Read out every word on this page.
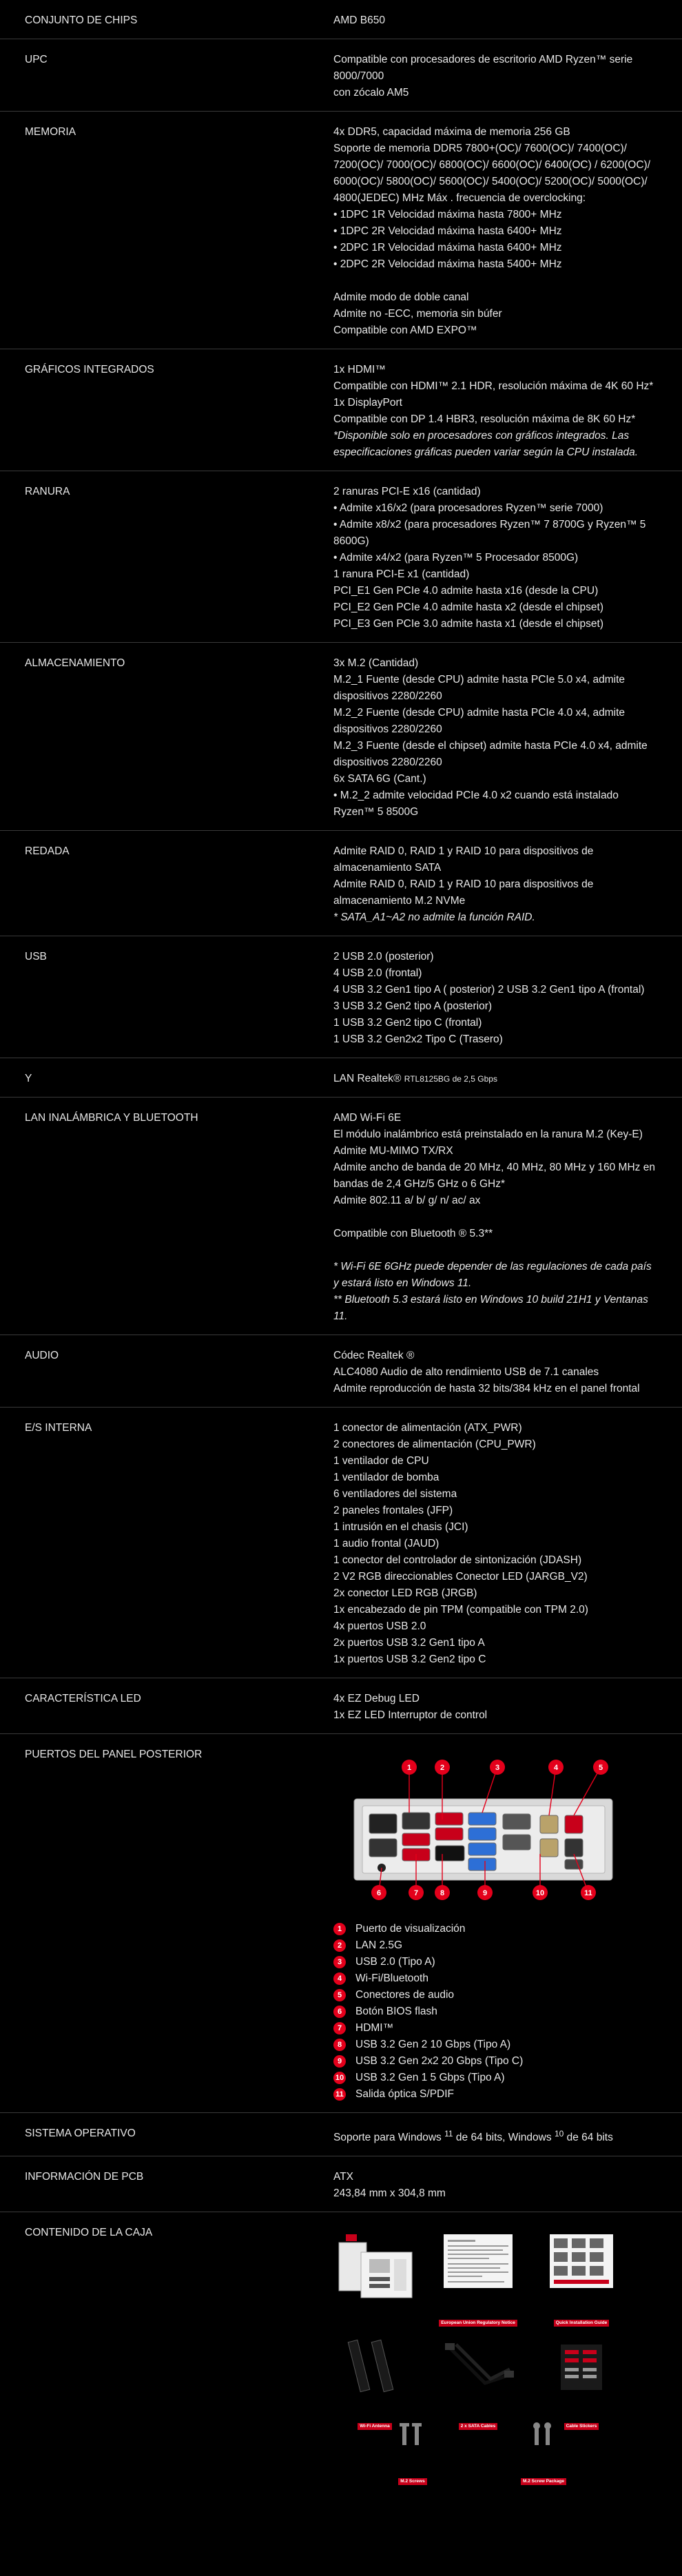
CONJUNTO DE CHIPS	AMD B650
UPC	Compatible con procesadores de escritorio AMD Ryzen™ serie 8000/7000
con zócalo AM5
MEMORIA	4x DDR5, capacidad máxima de memoria 256 GB
Soporte de memoria DDR5 7800+(OC)/ 7600(OC)/ 7400(OC)/ 7200(OC)/ 7000(OC)/ 6800(OC)/ 6600(OC)/ 6400(OC) / 6200(OC)/ 6000(OC)/ 5800(OC)/ 5600(OC)/ 5400(OC)/ 5200(OC)/ 5000(OC)/ 4800(JEDEC) MHz Máx . frecuencia de overclocking:
• 1DPC 1R Velocidad máxima hasta 7800+ MHz
• 1DPC 2R Velocidad máxima hasta 6400+ MHz
• 2DPC 1R Velocidad máxima hasta 6400+ MHz
• 2DPC 2R Velocidad máxima hasta 5400+ MHz
Admite modo de doble canal
Admite no -ECC, memoria sin búfer
Compatible con AMD EXPO™
GRÁFICOS INTEGRADOS	1x HDMI™
Compatible con HDMI™ 2.1 HDR, resolución máxima de 4K 60 Hz*
1x DisplayPort
Compatible con DP 1.4 HBR3, resolución máxima de 8K 60 Hz*
*Disponible solo en procesadores con gráficos integrados. Las especificaciones gráficas pueden variar según la CPU instalada.
RANURA	2 ranuras PCI-E x16 (cantidad)
• Admite x16/x2 (para procesadores Ryzen™ serie 7000)
• Admite x8/x2 (para procesadores Ryzen™ 7 8700G y Ryzen™ 5 8600G)
• Admite x4/x2 (para Ryzen™ 5 Procesador 8500G)
1 ranura PCI-E x1 (cantidad)
PCI_E1 Gen PCIe 4.0 admite hasta x16 (desde la CPU)
PCI_E2 Gen PCIe 4.0 admite hasta x2 (desde el chipset)
PCI_E3 Gen PCIe 3.0 admite hasta x1 (desde el chipset)
ALMACENAMIENTO	3x M.2 (Cantidad)
M.2_1 Fuente (desde CPU) admite hasta PCIe 5.0 x4, admite dispositivos 2280/2260
M.2_2 Fuente (desde CPU) admite hasta PCIe 4.0 x4, admite dispositivos 2280/2260
M.2_3 Fuente (desde el chipset) admite hasta PCIe 4.0 x4, admite dispositivos 2280/2260
6x SATA 6G (Cant.)
• M.2_2 admite velocidad PCIe 4.0 x2 cuando está instalado Ryzen™ 5 8500G
REDADA	Admite RAID 0, RAID 1 y RAID 10 para dispositivos de almacenamiento SATA
Admite RAID 0, RAID 1 y RAID 10 para dispositivos de almacenamiento M.2 NVMe
* SATA_A1~A2 no admite la función RAID.
USB	2 USB 2.0 (posterior)
4 USB 2.0 (frontal)
4 USB 3.2 Gen1 tipo A ( posterior) 2 USB 3.2 Gen1 tipo A (frontal)
3 USB 3.2 Gen2 tipo A (posterior)
1 USB 3.2 Gen2 tipo C (frontal)
1 USB 3.2 Gen2x2 Tipo C (Trasero)
Y	LAN Realtek® RTL8125BG de 2,5 Gbps
LAN INALÁMBRICA Y BLUETOOTH	AMD Wi-Fi 6E
El módulo inalámbrico está preinstalado en la ranura M.2 (Key-E)
Admite MU-MIMO TX/RX
Admite ancho de banda de 20 MHz, 40 MHz, 80 MHz y 160 MHz en bandas de 2,4 GHz/5 GHz o 6 GHz*
Admite 802.11 a/ b/ g/ n/ ac/ ax
Compatible con Bluetooth ® 5.3**
* Wi-Fi 6E 6GHz puede depender de las regulaciones de cada país y estará listo en Windows 11.
** Bluetooth 5.3 estará listo en Windows 10 build 21H1 y Ventanas 11.
AUDIO	Códec Realtek ®
ALC4080 Audio de alto rendimiento USB de 7.1 canales
Admite reproducción de hasta 32 bits/384 kHz en el panel frontal
E/S INTERNA	1 conector de alimentación (ATX_PWR)
2 conectores de alimentación (CPU_PWR)
1 ventilador de CPU
1 ventilador de bomba
6 ventiladores del sistema
2 paneles frontales (JFP)
1 intrusión en el chasis (JCI)
1 audio frontal (JAUD)
1 conector del controlador de sintonización (JDASH)
2 V2 RGB direccionables Conector LED (JARGB_V2)
2x conector LED RGB (JRGB)
1x encabezado de pin TPM (compatible con TPM 2.0)
4x puertos USB 2.0
2x puertos USB 3.2 Gen1 tipo A
1x puertos USB 3.2 Gen2 tipo C
CARACTERÍSTICA LED	4x EZ Debug LED
1x EZ LED Interruptor de control
PUERTOS DEL PANEL POSTERIOR
1	2	3	4	5
6	7	8	9	10	11
1	Puerto de visualización
2	LAN 2.5G
3	USB 2.0 (Tipo A)
4	Wi-Fi/Bluetooth
5	Conectores de audio
6	Botón BIOS flash
7	HDMI™
8	USB 3.2 Gen 2 10 Gbps (Tipo A)
9	USB 3.2 Gen 2x2 20 Gbps (Tipo C)
10 USB 3.2 Gen 1 5 Gbps (Tipo A)
11 Salida óptica S/PDIF
SISTEMA OPERATIVO	Soporte para Windows $^{11}$ de 64 bits, Windows $^{10}$ de 64 bits
INFORMACIÓN DE PCB	ATX
243,84 mm x 304,8 mm
CONTENIDO DE LA CAJA
European Union Regulatory Notice	Quick Installation Guide
Wi-Fi Antenna	2 x SATA Cables	Cable Stickers
M.2 Screws	M.2 Screw Package
